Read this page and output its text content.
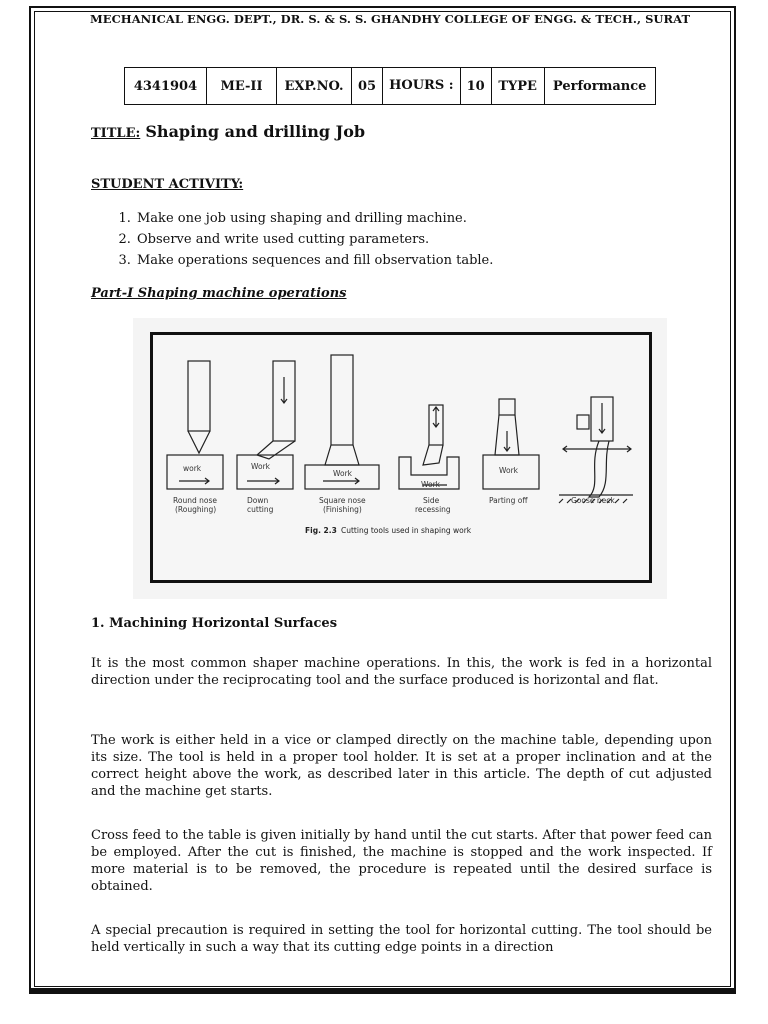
MECHANICAL ENGG. DEPT., DR. S. & S. S. GHANDHY COLLEGE OF ENGG. & TECH., SURAT
4341904	ME-II	EXP.NO.	05	HOURS :	10	TYPE	Performance
TITLE: Shaping and drilling Job
STUDENT ACTIVITY:
1. Make one job using shaping and drilling machine.
2. Observe and write used cutting parameters.
3. Make operations sequences and fill observation table.
Part-I Shaping machine operations
work	Work
Work
Work
Work
Round nose
(Roughing)
Down
cutting
Square nose
(Finishing)
Side
recessing
Parting off	Goose neck
Fig. 2.3 Cutting tools used in shaping work
1. Machining Horizontal Surfaces
It is the most common shaper machine operations. In this, the work is fed in a horizontal direction under the reciprocating tool and the surface produced is horizontal and flat.
The work is either held in a vice or clamped directly on the machine table, depending upon its size. The tool is held in a proper tool holder. It is set at a proper inclination and at the correct height above the work, as described later in this article. The depth of cut adjusted and the machine get starts.
Cross feed to the table is given initially by hand until the cut starts. After that power feed can be employed. After the cut is finished, the machine is stopped and the work inspected. If more material is to be removed, the procedure is repeated until the desired surface is obtained.
A special precaution is required in setting the tool for horizontal cutting. The tool should be held vertically in such a way that its cutting edge points in a direction
